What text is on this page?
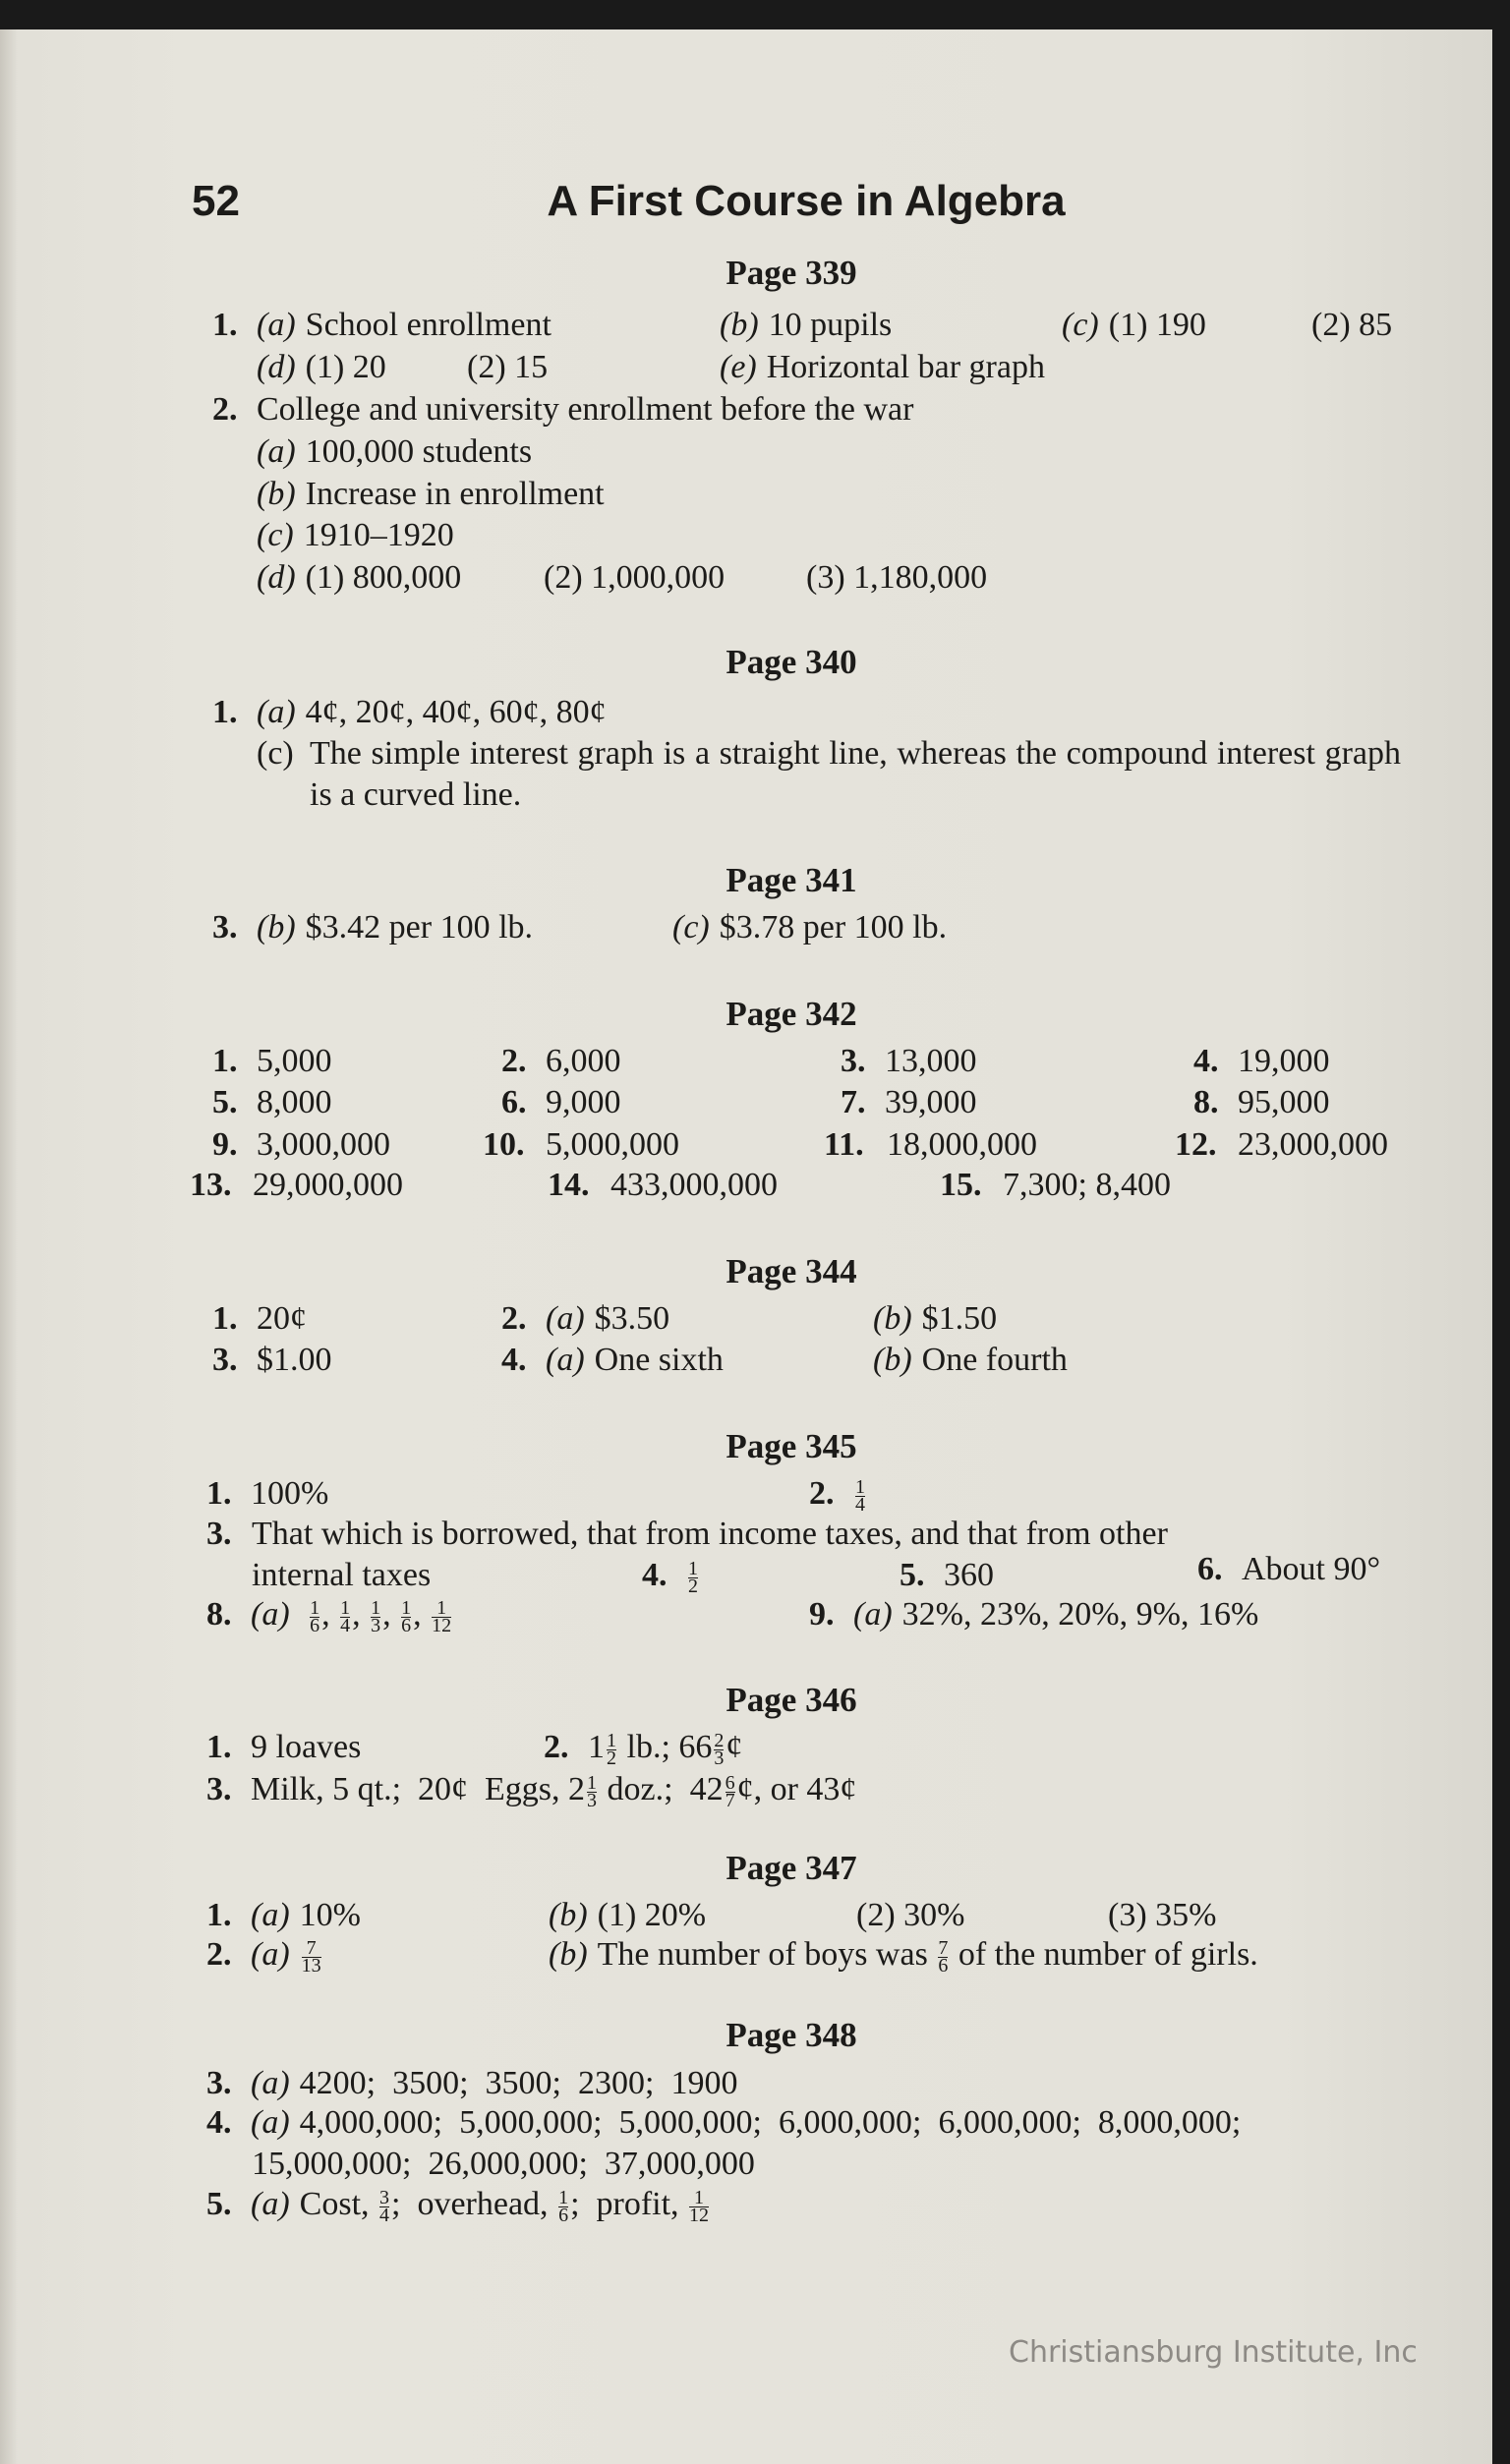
52	A First Course in Algebra
Page 339
1. (a) School enrollment	(b) 10 pupils	(c) (1) 190	(2) 85
(d) (1) 20 (2) 15	(e) Horizontal bar graph
2. College and university enrollment before the war
(a) 100,000 students
(b) Increase in enrollment
(c) 1910–1920
(d) (1) 800,000 (2) 1,000,000 (3) 1,180,000
Page 340
1. (a) 4¢, 20¢, 40¢, 60¢, 80¢
(c) The simple interest graph is a straight line, whereas the compound interest graph is a curved line.
Page 341
3. (b) $3.42 per 100 lb.	(c) $3.78 per 100 lb.
Page 342
1. 5,000	2. 6,000	3. 13,000	4. 19,000
5. 8,000	6. 9,000	7. 39,000	8. 95,000
9. 3,000,000	10. 5,000,000	11. 18,000,000	12. 23,000,000
13. 29,000,000	14. 433,000,000	15. 7,300; 8,400
Page 344
1. 20¢	2. (a) $3.50	(b) $1.50
3. $1.00	4. (a) One sixth	(b) One fourth
Page 345
1. 100%	2. $\frac{1}{4}$
3. That which is borrowed, that from income taxes, and that from other
internal taxes	4. $\frac{1}{2}$	5. 360	6. About 90°
8. $(a) \frac{1}{6}$ , $\frac{1}{4}$ , $\frac{1}{3}$ , $\frac{1}{6}$ , $\frac{1}{12}$	9. (a) 32%, 23%, 20%, 9%, 16%
Page 346
1. 9 loaves	2. $1 \frac{1}{2}$ lb.; $66 \frac{2}{3}$ ¢
3. Milk, 5 qt.;  20¢  Eggs, $2 \frac{1}{3}$ doz.;  $42 \frac{6}{7}$ ¢, or 43¢
Page 347
1. (a) 10%	(b) (1) 20%	(2) 30%	(3) 35%
2. $(a) \frac{7}{13}$	(b) The number of boys was $\frac{7}{6}$ of the number of girls.
Page 348
3. (a) 4200;  3500;  3500;  2300;  1900
4. (a) 4,000,000;  5,000,000;  5,000,000;  6,000,000;  6,000,000;  8,000,000;
15,000,000;  26,000,000;  37,000,000
5. (a) Cost, $\frac{3}{4}$ ;  overhead, $\frac{1}{6}$ ;  profit, $\frac{1}{12}$
Christiansburg Institute, Inc
